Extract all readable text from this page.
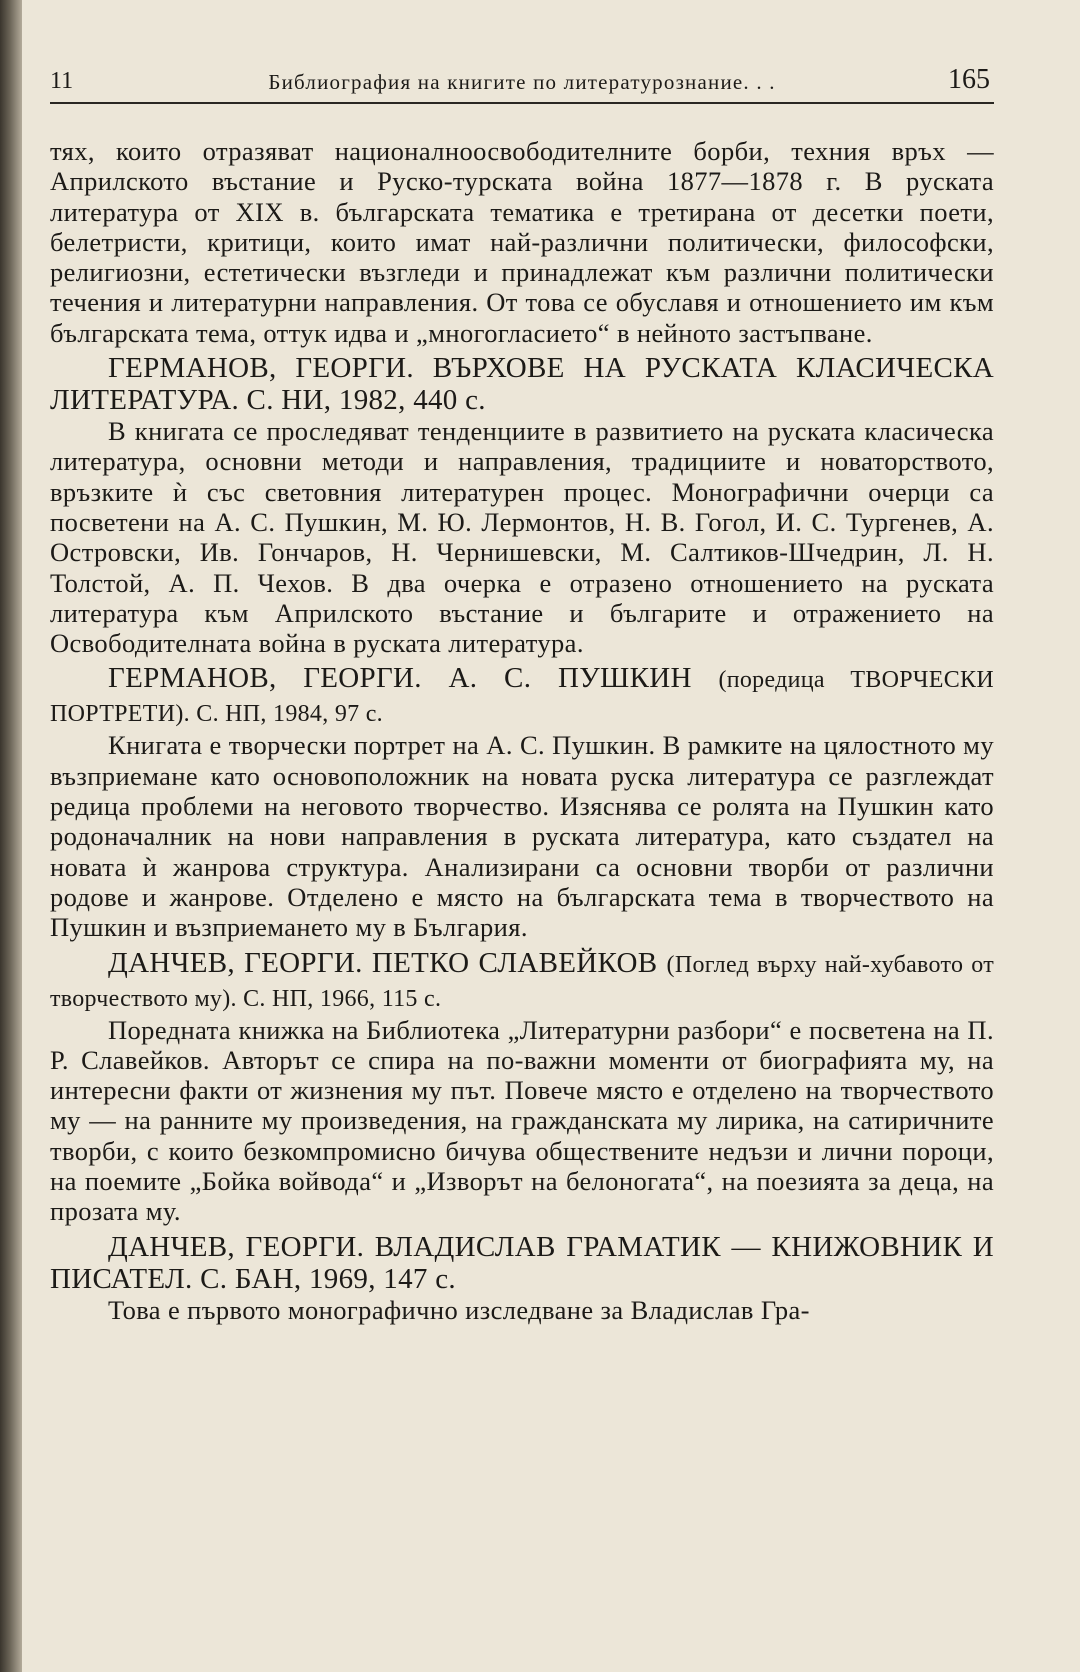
11	Библиография на книгите по литературознание. . .	165

тях, които отразяват националноосвободителните борби, техния връх — Априлското въстание и Руско-турската война 1877—1878 г. В руската литература от XIX в. българската тематика е третирана от десетки поети, белетристи, критици, които имат най-различни политически, философски, религиозни, естетически възгледи и принадлежат към различни политически течения и литературни направления. От това се обуславя и отношението им към българската тема, оттук идва и „многогласието“ в нейното застъпване.

ГЕРМАНОВ, ГЕОРГИ. ВЪРХОВЕ НА РУСКАТА КЛАСИЧЕСКА ЛИТЕРАТУРА. С. НИ, 1982, 440 с.

В книгата се проследяват тенденциите в развитието на руската класическа литература, основни методи и направления, традициите и новаторството, връзките ѝ със световния литературен процес. Монографични очерци са посветени на А. С. Пушкин, М. Ю. Лермонтов, Н. В. Гогол, И. С. Тургенев, А. Островски, Ив. Гончаров, Н. Чернишевски, М. Салтиков-Шчедрин, Л. Н. Толстой, А. П. Чехов. В два очерка е отразено отношението на руската литература към Априлското въстание и българите и отражението на Освободителната война в руската литература.

ГЕРМАНОВ, ГЕОРГИ. А. С. ПУШКИН (поредица ТВОРЧЕСКИ ПОРТРЕТИ). С. НП, 1984, 97 с.

Книгата е творчески портрет на А. С. Пушкин. В рамките на цялостното му възприемане като основоположник на новата руска литература се разглеждат редица проблеми на неговото творчество. Изяснява се ролята на Пушкин като родоначалник на нови направления в руската литература, като създател на новата ѝ жанрова структура. Анализирани са основни творби от различни родове и жанрове. Отделено е място на българската тема в творчеството на Пушкин и възприемането му в България.

ДАНЧЕВ, ГЕОРГИ. ПЕТКО СЛАВЕЙКОВ (Поглед върху най-хубавото от творчеството му). С. НП, 1966, 115 с.

Поредната книжка на Библиотека „Литературни разбори“ е посветена на П. Р. Славейков. Авторът се спира на по-важни моменти от биографията му, на интересни факти от жизнения му път. Повече място е отделено на творчеството му — на ранните му произведения, на гражданската му лирика, на сатиричните творби, с които безкомпромисно бичува обществените недъзи и лични пороци, на поемите „Бойка войвода“ и „Изворът на белоногата“, на поезията за деца, на прозата му.

ДАНЧЕВ, ГЕОРГИ. ВЛАДИСЛАВ ГРАМАТИК — КНИЖОВНИК И ПИСАТЕЛ. С. БАН, 1969, 147 с.

Това е първото монографично изследване за Владислав Гра-
